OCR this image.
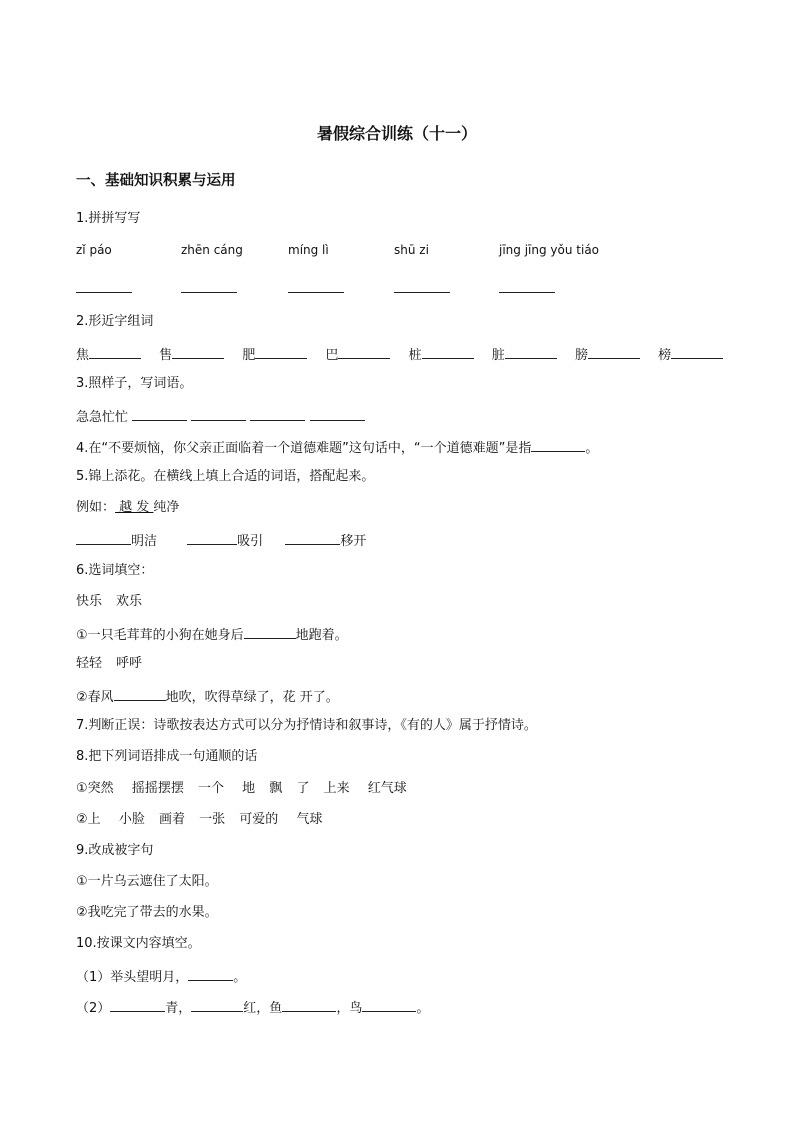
暑假综合训练（十一）
一、基础知识积累与运用
1.拼拼写写
zǐ páo	zhēn cáng	míng lì	shū zi	jīng jīng yǒu tiáo
2.形近字组词
焦	售	肥	巴	桩	脏	膀	榜
3.照样子，写词语。
急急忙忙
4.在“不要烦恼，你父亲正面临着一个道德难题”这句话中，“一个道德难题”是指	。
5.锦上添花。在横线上填上合适的词语，搭配起来。
例如： 越 发 纯净
明洁	吸引	移开
6.选词填空：
快乐 欢乐
①一只毛茸茸的小狗在她身后	地跑着。
轻轻 呼呼
②春风	地吹，吹得草绿了，花 开了。
7.判断正误：诗歌按表达方式可以分为抒情诗和叙事诗，《有的人》属于抒情诗。
8.把下列词语排成一句通顺的话
①突然 摇摇摆摆 一个 地 飘 了 上来 红气球
②上 小脸 画着 一张 可爱的 气球
9.改成被字句
①一片乌云遮住了太阳。
②我吃完了带去的水果。
10.按课文内容填空。
（1）举头望明月，	。
（2）	青，	红，鱼	，鸟	。
